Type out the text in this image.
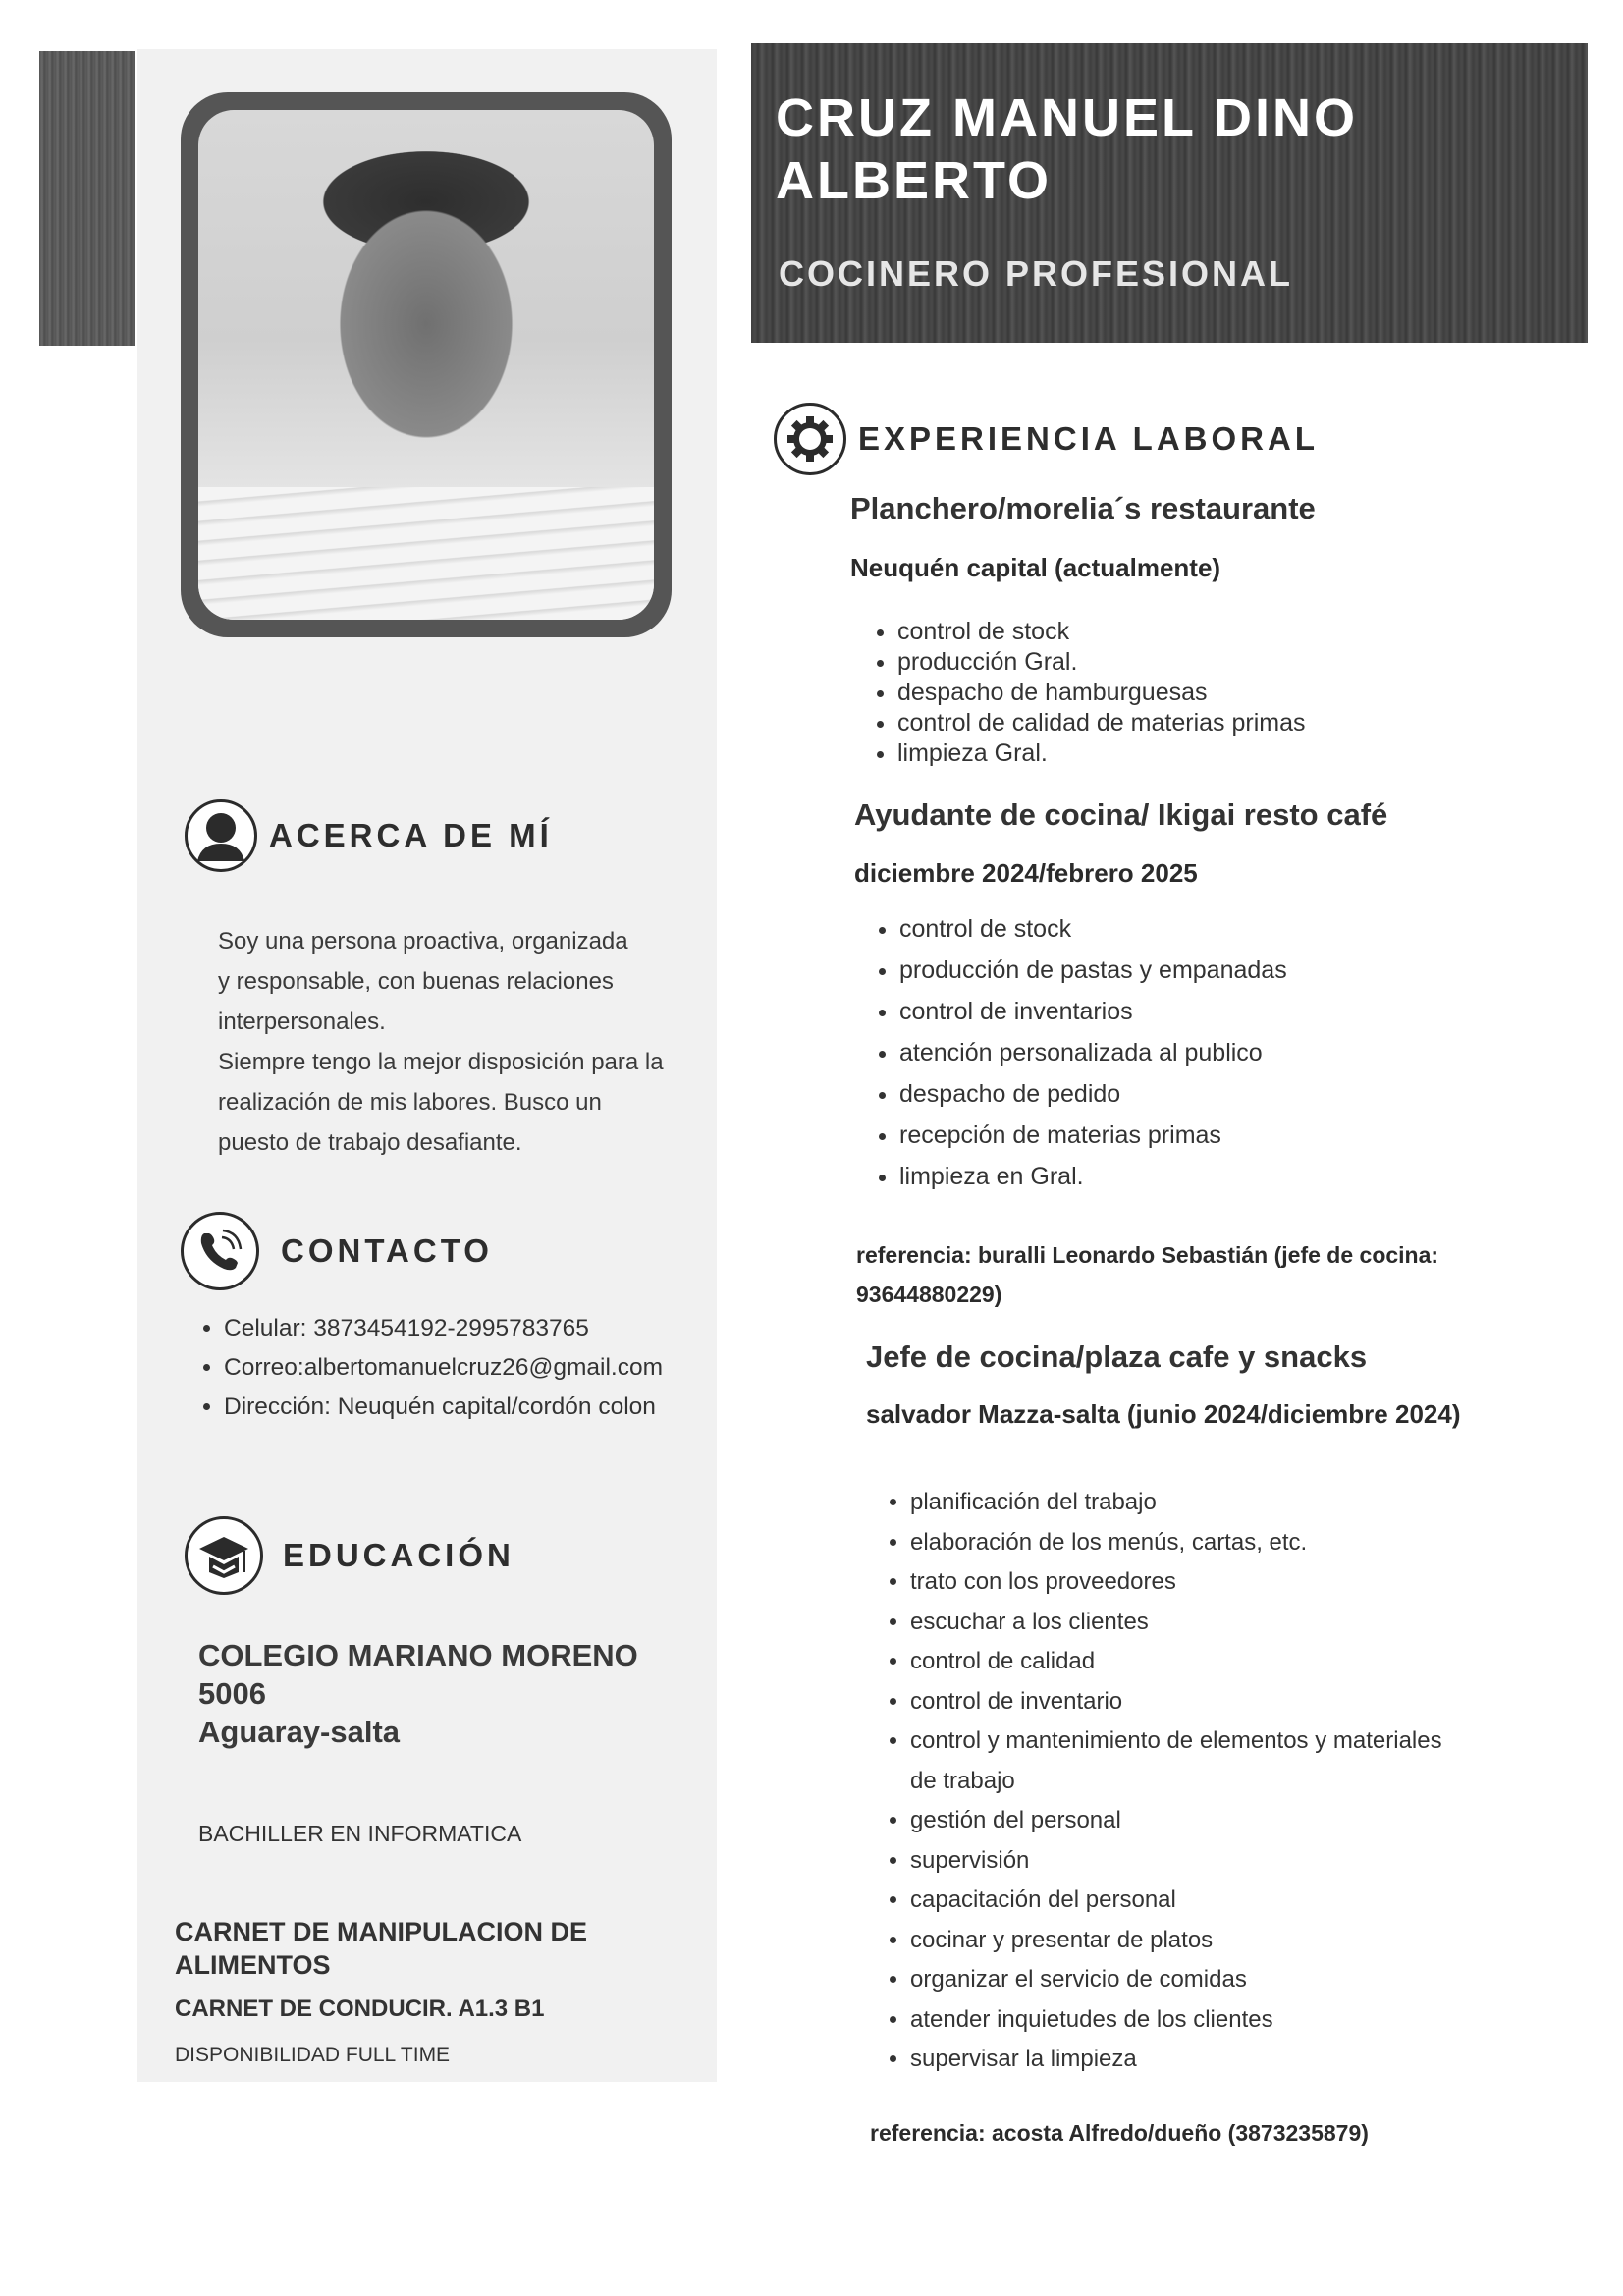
CRUZ MANUEL DINO ALBERTO
COCINERO PROFESIONAL
EXPERIENCIA LABORAL
Planchero/morelia´s restaurante
Neuquén capital (actualmente)
• control de stock
• producción Gral.
• despacho de hamburguesas
• control de calidad de materias primas
• limpieza Gral.
Ayudante de cocina/ Ikigai resto café
diciembre 2024/febrero 2025
• control de stock
• producción de pastas y empanadas
• control de inventarios
• atención personalizada al publico
• despacho de pedido
• recepción de materias primas
• limpieza en Gral.
referencia: buralli Leonardo Sebastián (jefe de cocina: 93644880229)
Jefe de cocina/plaza cafe y snacks
salvador Mazza-salta (junio 2024/diciembre 2024)
• planificación del trabajo
• elaboración de los menús, cartas, etc.
• trato con los proveedores
• escuchar a los clientes
• control de calidad
• control de inventario
• control y mantenimiento de elementos y materiales de trabajo
• gestión del personal
• supervisión
• capacitación del personal
• cocinar y presentar de platos
• organizar el servicio de comidas
• atender inquietudes de los clientes
• supervisar la limpieza
referencia: acosta Alfredo/dueño (3873235879)
ACERCA DE MÍ
Soy una persona proactiva, organizada
y responsable, con buenas relaciones
interpersonales.
Siempre tengo la mejor disposición para la
realización de mis labores. Busco un
puesto de trabajo desafiante.
CONTACTO
• Celular: 3873454192-2995783765
• Correo:albertomanuelcruz26@gmail.com
• Dirección: Neuquén capital/cordón colon
EDUCACIÓN
COLEGIO MARIANO MORENO
5006
Aguaray-salta
BACHILLER EN INFORMATICA
CARNET DE MANIPULACION DE ALIMENTOS
CARNET DE CONDUCIR. A1.3 B1
DISPONIBILIDAD FULL TIME
